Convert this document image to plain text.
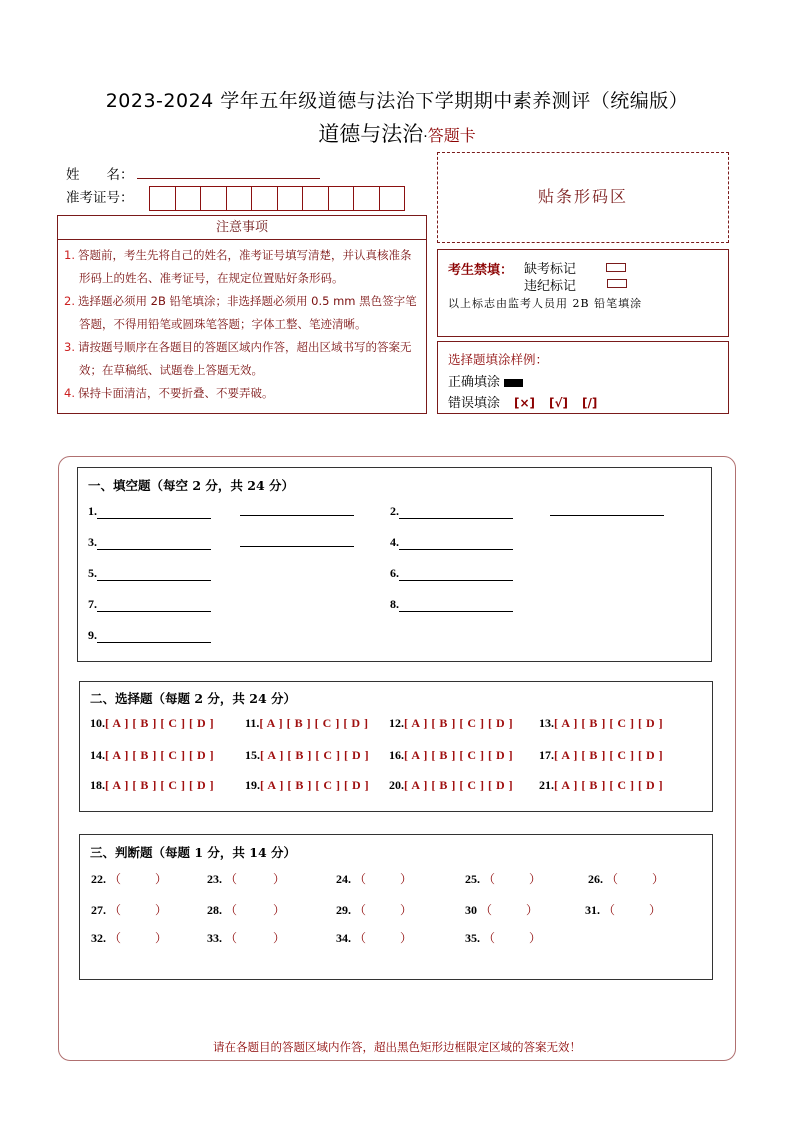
2023-2024 学年五年级道德与法治下学期期中素养测评（统编版）
道德与法治·答题卡
姓　　名：
准考证号：
注意事项
1. 答题前，考生先将自己的姓名，准考证号填写清楚，并认真核准条形码上的姓名、准考证号，在规定位置贴好条形码。
2. 选择题必须用 2B 铅笔填涂；非选择题必须用 0.5 mm 黑色签字笔答题，不得用铅笔或圆珠笔答题；字体工整、笔迹清晰。
3. 请按题号顺序在各题目的答题区域内作答，超出区域书写的答案无效；在草稿纸、试题卷上答题无效。
4. 保持卡面清洁，不要折叠、不要弄破。
贴条形码区
考生禁填： 缺考标记
违纪标记
以上标志由监考人员用 2B 铅笔填涂
选择题填涂样例：
正确填涂
错误填涂 [×] [√] [/]
一、填空题（每空 2 分，共 24 分）
1.	2.
3.	4.
5.	6.
7.	8.
9.
二、选择题（每题 2 分，共 24 分）
10.[ A ] [ B ] [ C ] [ D ]	11.[ A ] [ B ] [ C ] [ D ] 12.[ A ] [ B ] [ C ] [ D ] 13.[ A ] [ B ] [ C ] [ D ]
14.[ A ] [ B ] [ C ] [ D ]	15.[ A ] [ B ] [ C ] [ D ] 16.[ A ] [ B ] [ C ] [ D ] 17.[ A ] [ B ] [ C ] [ D ]
18.[ A ] [ B ] [ C ] [ D ]	19.[ A ] [ B ] [ C ] [ D ] 20.[ A ] [ B ] [ C ] [ D ] 21.[ A ] [ B ] [ C ] [ D ]
三、判断题（每题 1 分，共 14 分）
22. （	）	23. （	）	24. （	）	25. （	）	26. （	）
27. （	）	28. （	）	29. （	）	30 （	）	31. （	）
32. （	）	33. （	）	34. （	）	35. （	）
请在各题目的答题区域内作答，超出黑色矩形边框限定区域的答案无效！
